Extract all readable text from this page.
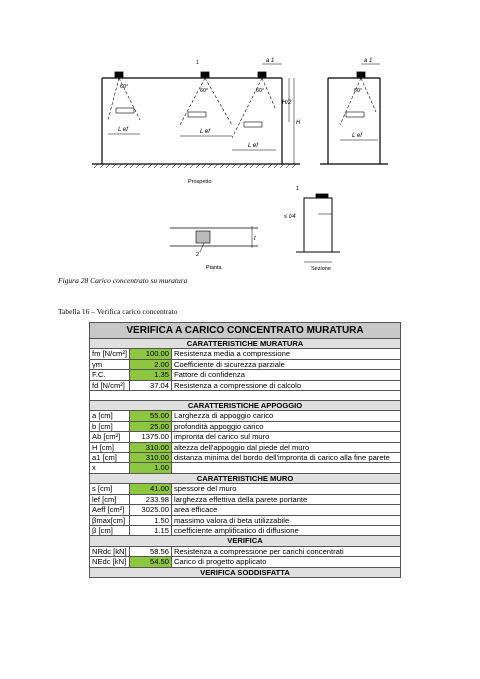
Prospetto
Pianta	Sezione
H
H/2
L ef	L ef
L ef
L ef
a 1	a 1
t
≤ t/4
1
1
2
60°
60°	60°	60°
Figura 28 Carico concentrato su muratura
Tabella 16 – Verifica carico concentrato
VERIFICA A CARICO CONCENTRATO MURATURA		
CARATTERISTICHE MURATURA		
fm [N/cm²]	100.00	Resistenza media a compressione
γm	2.00	Coefficiente di sicurezza parziale
F.C.	1.35	Fattore di confidenza
fd [N/cm²]	37.04	Resistenza a compressione di calcolo

CARATTERISTICHE APPOGGIO		
a [cm]	55.00	Larghezza di appoggio carico
b [cm]	25.00	profondità appoggio carico
Ab [cm²]	1375.00	impronta del carico sul muro
H [cm]	310.00	altezza dell'appoggio dal piede del muro
a1 [cm]	310.00	distanza minima del bordo dell'impronta di carico alla fine parete
x	1.00	
CARATTERISTICHE MURO		
s [cm]	41.00	spessore del muro
lef [cm]	233.98	larghezza effettiva della parete portante
Aeff [cm²]	3025.00	area efficace
βmax[cm]	1.50	massimo valora di beta utilizzabile
β [cm]	1.15	coefficiente amplificatico di diffusione
VERIFICA		
NRdc [kN]	58.56	Resistenza a compressione per carichi concentrati
NEdc [kN]	54.50	Carico di progetto applicato
VERIFICA SODDISFATTA		
